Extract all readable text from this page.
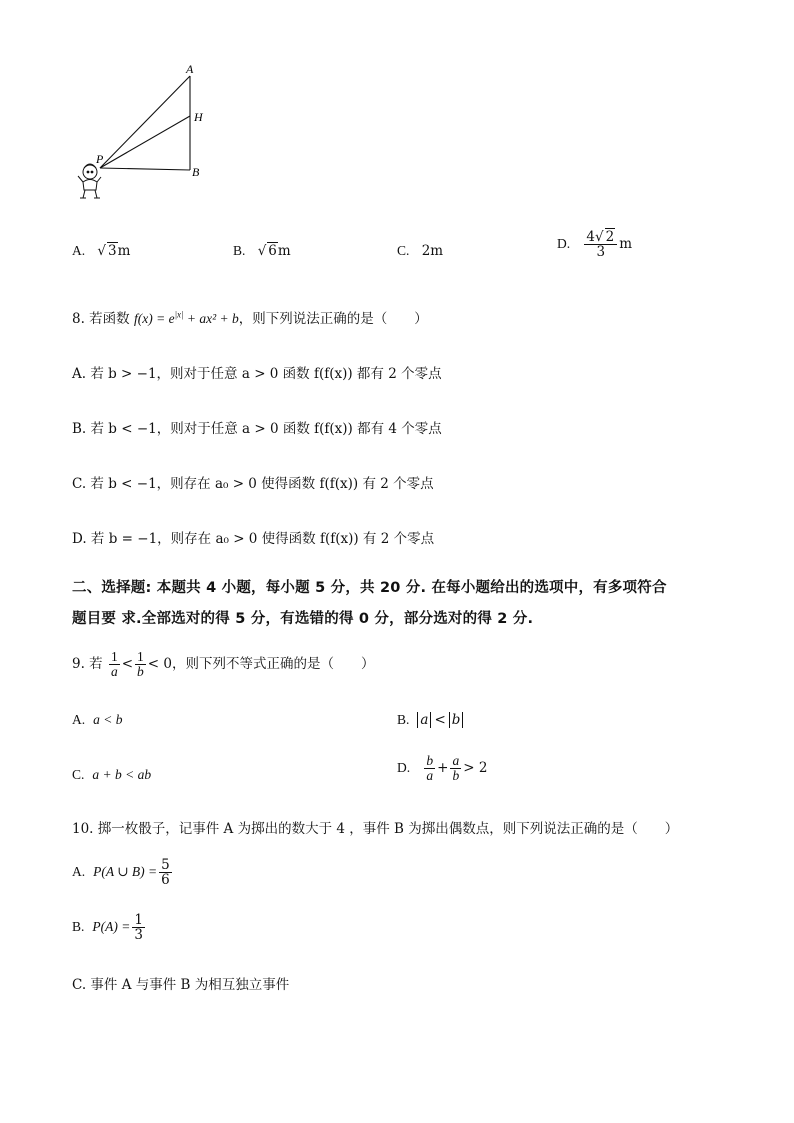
A
H
P
B
A. √ 3m	B. √ 6m	C. 2m	D. $\frac{4√ 2}{3}$ m
8. 若函数 $f(x) = e^{|x|} + ax^2 + b$，则下列说法正确的是（　　）
A. 若 b > −1，则对于任意 a > 0 函数 f(f(x)) 都有 2 个零点
B. 若 b < −1，则对于任意 a > 0 函数 f(f(x)) 都有 4 个零点
C. 若 b < −1，则存在 a₀ > 0 使得函数 f(f(x)) 有 2 个零点
D. 若 b = −1，则存在 a₀ > 0 使得函数 f(f(x)) 有 2 个零点
二、选择题: 本题共 4 小题，每小题 5 分，共 20 分. 在每小题给出的选项中，有多项符合
题目要 求.全部选对的得 5 分，有选错的得 0 分，部分选对的得 2 分.
9. 若 $\frac{1}{a} < \frac{1}{b} < 0$，则下列不等式正确的是（　　）
A. a < b	B. a < b
C. a + b < ab	D. $\frac{b}{a} + \frac{a}{b} > 2$
10. 掷一枚骰子，记事件 A 为掷出的数大于 4 ，事件 B 为掷出偶数点，则下列说法正确的是（　　）
A. P(A ∪ $B) = \frac{5}{6}$
B. $P(A) = \frac{1}{3}$
C. 事件 A 与事件 B 为相互独立事件
